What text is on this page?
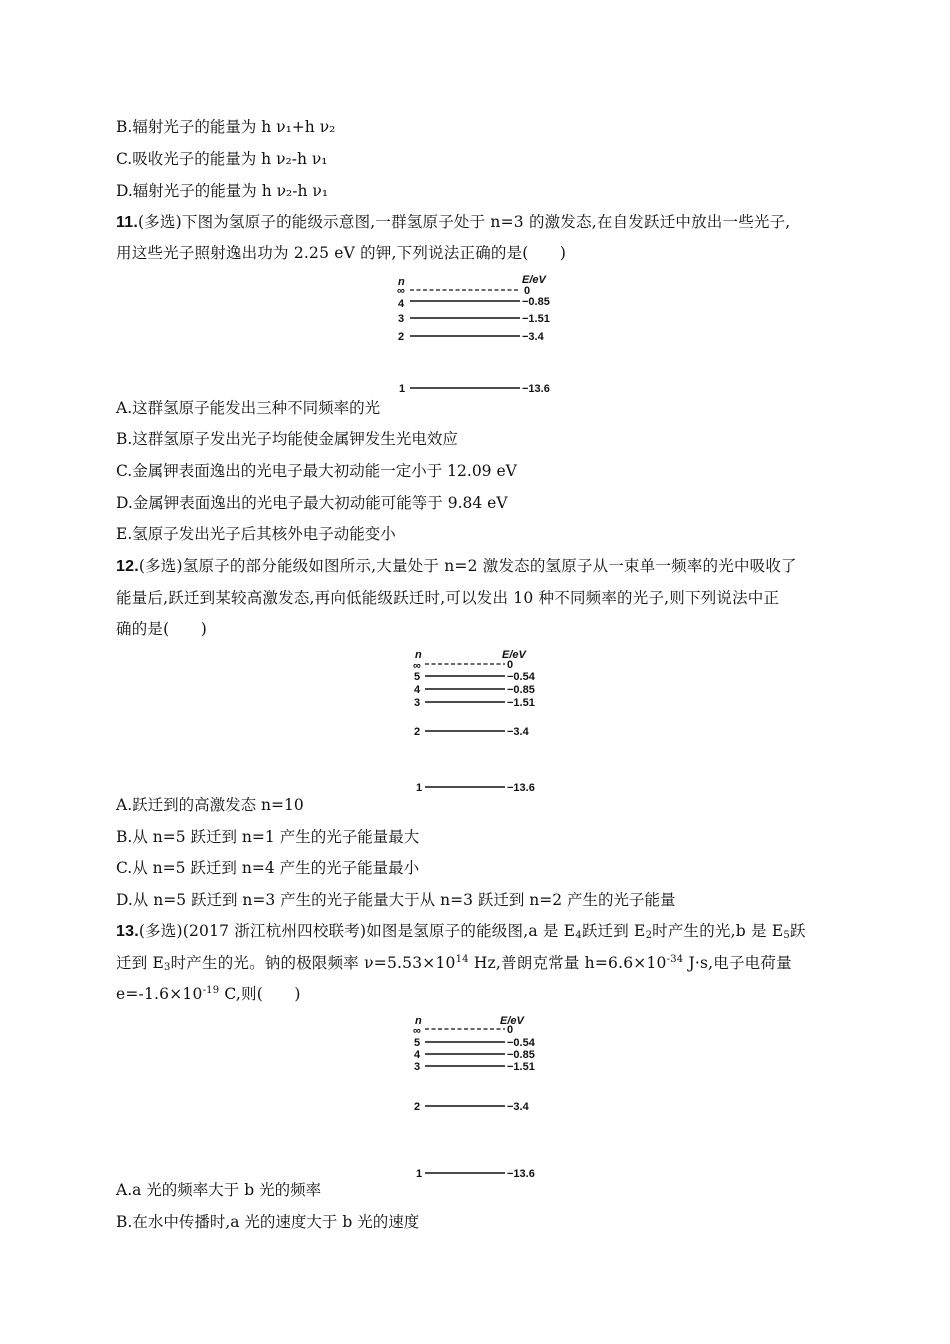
B.辐射光子的能量为 h ν₁+h ν₂
C.吸收光子的能量为 h ν₂-h ν₁
D.辐射光子的能量为 h ν₂-h ν₁
11.(多选)下图为氢原子的能级示意图,一群氢原子处于 n=3 的激发态,在自发跃迁中放出一些光子,
用这些光子照射逸出功为 2.25 eV 的钾,下列说法正确的是(　　)
n	E/eV
∞	0
4	−0.85
3	−1.51
2	−3.4
1	−13.6
A.这群氢原子能发出三种不同频率的光
B.这群氢原子发出光子均能使金属钾发生光电效应
C.金属钾表面逸出的光电子最大初动能一定小于 12.09 eV
D.金属钾表面逸出的光电子最大初动能可能等于 9.84 eV
E.氢原子发出光子后其核外电子动能变小
12.(多选)氢原子的部分能级如图所示,大量处于 n=2 激发态的氢原子从一束单一频率的光中吸收了
能量后,跃迁到某较高激发态,再向低能级跃迁时,可以发出 10 种不同频率的光子,则下列说法中正
确的是(　　)
n	E/eV
∞	0
5	−0.54
4	−0.85
3	−1.51
2	−3.4
1	−13.6
A.跃迁到的高激发态 n=10
B.从 n=5 跃迁到 n=1 产生的光子能量最大
C.从 n=5 跃迁到 n=4 产生的光子能量最小
D.从 n=5 跃迁到 n=3 产生的光子能量大于从 n=3 跃迁到 n=2 产生的光子能量
13.(多选)(2017 浙江杭州四校联考)如图是氢原子的能级图,a 是 $E_4$跃迁到 $E_2$时产生的光,b 是 $E_5$跃
迁到 $E_3$时产生的光。钠的极限频率 $\nu=5.53\times 10^{14}$ Hz,普朗克常量 $h=6.6\times 10^{-34}$ J·s,电子电荷量
$e=-1.6\times 10^{-19}$ C,则(　　)
n	E/eV
∞	0
5	−0.54
4	−0.85
3	−1.51
2	−3.4
1	−13.6
A.a 光的频率大于 b 光的频率
B.在水中传播时,a 光的速度大于 b 光的速度
